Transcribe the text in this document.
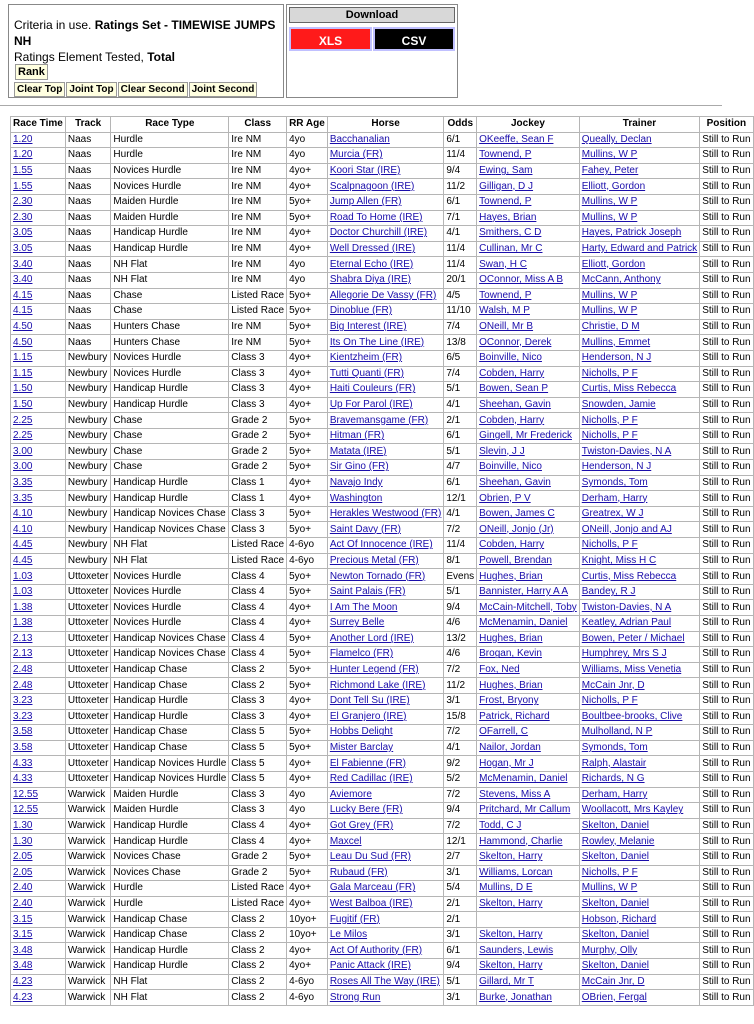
Criteria in use. Ratings Set - TIMEWISE JUMPS NH
Ratings Element Tested, Total
Rank
Clear Top Joint Top Clear Second Joint Second
Download
XLS	CSV
Race Time	Track	Race Type	Class	RR Age	Horse	Odds	Jockey	Trainer	Position
1.20	Naas	Hurdle	Ire NM	4yo	Bacchanalian	6/1	OKeeffe, Sean F	Queally, Declan	Still to Run
1.20	Naas	Hurdle	Ire NM	4yo	Murcia (FR)	11/4	Townend, P	Mullins, W P	Still to Run
1.55	Naas	Novices Hurdle	Ire NM	4yo+	Koori Star (IRE)	9/4	Ewing, Sam	Fahey, Peter	Still to Run
1.55	Naas	Novices Hurdle	Ire NM	4yo+	Scalpnagoon (IRE)	11/2	Gilligan, D J	Elliott, Gordon	Still to Run
2.30	Naas	Maiden Hurdle	Ire NM	5yo+	Jump Allen (FR)	6/1	Townend, P	Mullins, W P	Still to Run
2.30	Naas	Maiden Hurdle	Ire NM	5yo+	Road To Home (IRE)	7/1	Hayes, Brian	Mullins, W P	Still to Run
3.05	Naas	Handicap Hurdle	Ire NM	4yo+	Doctor Churchill (IRE)	4/1	Smithers, C D	Hayes, Patrick Joseph	Still to Run
3.05	Naas	Handicap Hurdle	Ire NM	4yo+	Well Dressed (IRE)	11/4	Cullinan, Mr C	Harty, Edward and Patrick	Still to Run
3.40	Naas	NH Flat	Ire NM	4yo	Eternal Echo (IRE)	11/4	Swan, H C	Elliott, Gordon	Still to Run
3.40	Naas	NH Flat	Ire NM	4yo	Shabra Diya (IRE)	20/1	OConnor, Miss A B	McCann, Anthony	Still to Run
4.15	Naas	Chase	Listed Race	5yo+	Allegorie De Vassy (FR)	4/5	Townend, P	Mullins, W P	Still to Run
4.15	Naas	Chase	Listed Race	5yo+	Dinoblue (FR)	11/10	Walsh, M P	Mullins, W P	Still to Run
4.50	Naas	Hunters Chase	Ire NM	5yo+	Big Interest (IRE)	7/4	ONeill, Mr B	Christie, D M	Still to Run
4.50	Naas	Hunters Chase	Ire NM	5yo+	Its On The Line (IRE)	13/8	OConnor, Derek	Mullins, Emmet	Still to Run
1.15	Newbury	Novices Hurdle	Class 3	4yo+	Kientzheim (FR)	6/5	Boinville, Nico	Henderson, N J	Still to Run
1.15	Newbury	Novices Hurdle	Class 3	4yo+	Tutti Quanti (FR)	7/4	Cobden, Harry	Nicholls, P F	Still to Run
1.50	Newbury	Handicap Hurdle	Class 3	4yo+	Haiti Couleurs (FR)	5/1	Bowen, Sean P	Curtis, Miss Rebecca	Still to Run
1.50	Newbury	Handicap Hurdle	Class 3	4yo+	Up For Parol (IRE)	4/1	Sheehan, Gavin	Snowden, Jamie	Still to Run
2.25	Newbury	Chase	Grade 2	5yo+	Bravemansgame (FR)	2/1	Cobden, Harry	Nicholls, P F	Still to Run
2.25	Newbury	Chase	Grade 2	5yo+	Hitman (FR)	6/1	Gingell, Mr Frederick	Nicholls, P F	Still to Run
3.00	Newbury	Chase	Grade 2	5yo+	Matata (IRE)	5/1	Slevin, J J	Twiston-Davies, N A	Still to Run
3.00	Newbury	Chase	Grade 2	5yo+	Sir Gino (FR)	4/7	Boinville, Nico	Henderson, N J	Still to Run
3.35	Newbury	Handicap Hurdle	Class 1	4yo+	Navajo Indy	6/1	Sheehan, Gavin	Symonds, Tom	Still to Run
3.35	Newbury	Handicap Hurdle	Class 1	4yo+	Washington	12/1	Obrien, P V	Derham, Harry	Still to Run
4.10	Newbury	Handicap Novices Chase	Class 3	5yo+	Herakles Westwood (FR)	4/1	Bowen, James C	Greatrex, W J	Still to Run
4.10	Newbury	Handicap Novices Chase	Class 3	5yo+	Saint Davy (FR)	7/2	ONeill, Jonjo (Jr)	ONeill, Jonjo and AJ	Still to Run
4.45	Newbury	NH Flat	Listed Race	4-6yo	Act Of Innocence (IRE)	11/4	Cobden, Harry	Nicholls, P F	Still to Run
4.45	Newbury	NH Flat	Listed Race	4-6yo	Precious Metal (FR)	8/1	Powell, Brendan	Knight, Miss H C	Still to Run
1.03	Uttoxeter	Novices Hurdle	Class 4	5yo+	Newton Tornado (FR)	Evens	Hughes, Brian	Curtis, Miss Rebecca	Still to Run
1.03	Uttoxeter	Novices Hurdle	Class 4	5yo+	Saint Palais (FR)	5/1	Bannister, Harry A A	Bandey, R J	Still to Run
1.38	Uttoxeter	Novices Hurdle	Class 4	4yo+	I Am The Moon	9/4	McCain-Mitchell, Toby	Twiston-Davies, N A	Still to Run
1.38	Uttoxeter	Novices Hurdle	Class 4	4yo+	Surrey Belle	4/6	McMenamin, Daniel	Keatley, Adrian Paul	Still to Run
2.13	Uttoxeter	Handicap Novices Chase	Class 4	5yo+	Another Lord (IRE)	13/2	Hughes, Brian	Bowen, Peter / Michael	Still to Run
2.13	Uttoxeter	Handicap Novices Chase	Class 4	5yo+	Flamelco (FR)	4/6	Brogan, Kevin	Humphrey, Mrs S J	Still to Run
2.48	Uttoxeter	Handicap Chase	Class 2	5yo+	Hunter Legend (FR)	7/2	Fox, Ned	Williams, Miss Venetia	Still to Run
2.48	Uttoxeter	Handicap Chase	Class 2	5yo+	Richmond Lake (IRE)	11/2	Hughes, Brian	McCain Jnr, D	Still to Run
3.23	Uttoxeter	Handicap Hurdle	Class 3	4yo+	Dont Tell Su (IRE)	3/1	Frost, Bryony	Nicholls, P F	Still to Run
3.23	Uttoxeter	Handicap Hurdle	Class 3	4yo+	El Granjero (IRE)	15/8	Patrick, Richard	Boultbee-brooks, Clive	Still to Run
3.58	Uttoxeter	Handicap Chase	Class 5	5yo+	Hobbs Delight	7/2	OFarrell, C	Mulholland, N P	Still to Run
3.58	Uttoxeter	Handicap Chase	Class 5	5yo+	Mister Barclay	4/1	Nailor, Jordan	Symonds, Tom	Still to Run
4.33	Uttoxeter	Handicap Novices Hurdle	Class 5	4yo+	El Fabienne (FR)	9/2	Hogan, Mr J	Ralph, Alastair	Still to Run
4.33	Uttoxeter	Handicap Novices Hurdle	Class 5	4yo+	Red Cadillac (IRE)	5/2	McMenamin, Daniel	Richards, N G	Still to Run
12.55	Warwick	Maiden Hurdle	Class 3	4yo	Aviemore	7/2	Stevens, Miss A	Derham, Harry	Still to Run
12.55	Warwick	Maiden Hurdle	Class 3	4yo	Lucky Bere (FR)	9/4	Pritchard, Mr Callum	Woollacott, Mrs Kayley	Still to Run
1.30	Warwick	Handicap Hurdle	Class 4	4yo+	Got Grey (FR)	7/2	Todd, C J	Skelton, Daniel	Still to Run
1.30	Warwick	Handicap Hurdle	Class 4	4yo+	Maxcel	12/1	Hammond, Charlie	Rowley, Melanie	Still to Run
2.05	Warwick	Novices Chase	Grade 2	5yo+	Leau Du Sud (FR)	2/7	Skelton, Harry	Skelton, Daniel	Still to Run
2.05	Warwick	Novices Chase	Grade 2	5yo+	Rubaud (FR)	3/1	Williams, Lorcan	Nicholls, P F	Still to Run
2.40	Warwick	Hurdle	Listed Race	4yo+	Gala Marceau (FR)	5/4	Mullins, D E	Mullins, W P	Still to Run
2.40	Warwick	Hurdle	Listed Race	4yo+	West Balboa (IRE)	2/1	Skelton, Harry	Skelton, Daniel	Still to Run
3.15	Warwick	Handicap Chase	Class 2	10yo+	Fugitif (FR)	2/1		Hobson, Richard	Still to Run
3.15	Warwick	Handicap Chase	Class 2	10yo+	Le Milos	3/1	Skelton, Harry	Skelton, Daniel	Still to Run
3.48	Warwick	Handicap Hurdle	Class 2	4yo+	Act Of Authority (FR)	6/1	Saunders, Lewis	Murphy, Olly	Still to Run
3.48	Warwick	Handicap Hurdle	Class 2	4yo+	Panic Attack (IRE)	9/4	Skelton, Harry	Skelton, Daniel	Still to Run
4.23	Warwick	NH Flat	Class 2	4-6yo	Roses All The Way (IRE)	5/1	Gillard, Mr T	McCain Jnr, D	Still to Run
4.23	Warwick	NH Flat	Class 2	4-6yo	Strong Run	3/1	Burke, Jonathan	OBrien, Fergal	Still to Run
